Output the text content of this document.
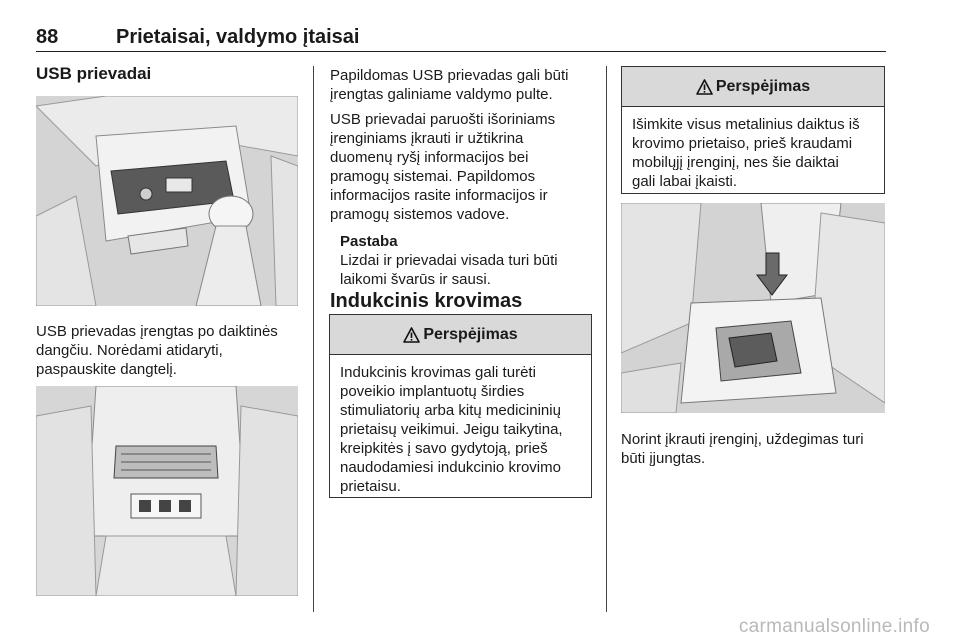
88	Prietaisai, valdymo įtaisai
USB prievadai

USB prievadas įrengtas po daiktinės
dangčiu. Norėdami atidaryti,
paspauskite dangtelį.

Papildomas USB prievadas gali būti
įrengtas galiniame valdymo pulte.

USB prievadai paruošti išoriniams
įrenginiams įkrauti ir užtikrina
duomenų ryšį informacijos bei
pramogų sistemai. Papildomos
informacijos rasite informacijos ir
pramogų sistemos vadove.

Pastaba

Lizdai ir prievadai visada turi būti
laikomi švarūs ir sausi.

Indukcinis krovimas
Perspėjimas
Indukcinis krovimas gali turėti
poveikio implantuotų širdies
stimuliatorių arba kitų medicininių
prietaisų veikimui. Jeigu taikytina,
kreipkitės į savo gydytoją, prieš
naudodamiesi indukcinio krovimo
prietaisu.
Perspėjimas
Išimkite visus metalinius daiktus iš
krovimo prietaiso, prieš kraudami
mobilųjį įrenginį, nes šie daiktai
gali labai įkaisti.

Norint įkrauti įrenginį, uždegimas turi
būti įjungtas.

carmanualsonline.info
